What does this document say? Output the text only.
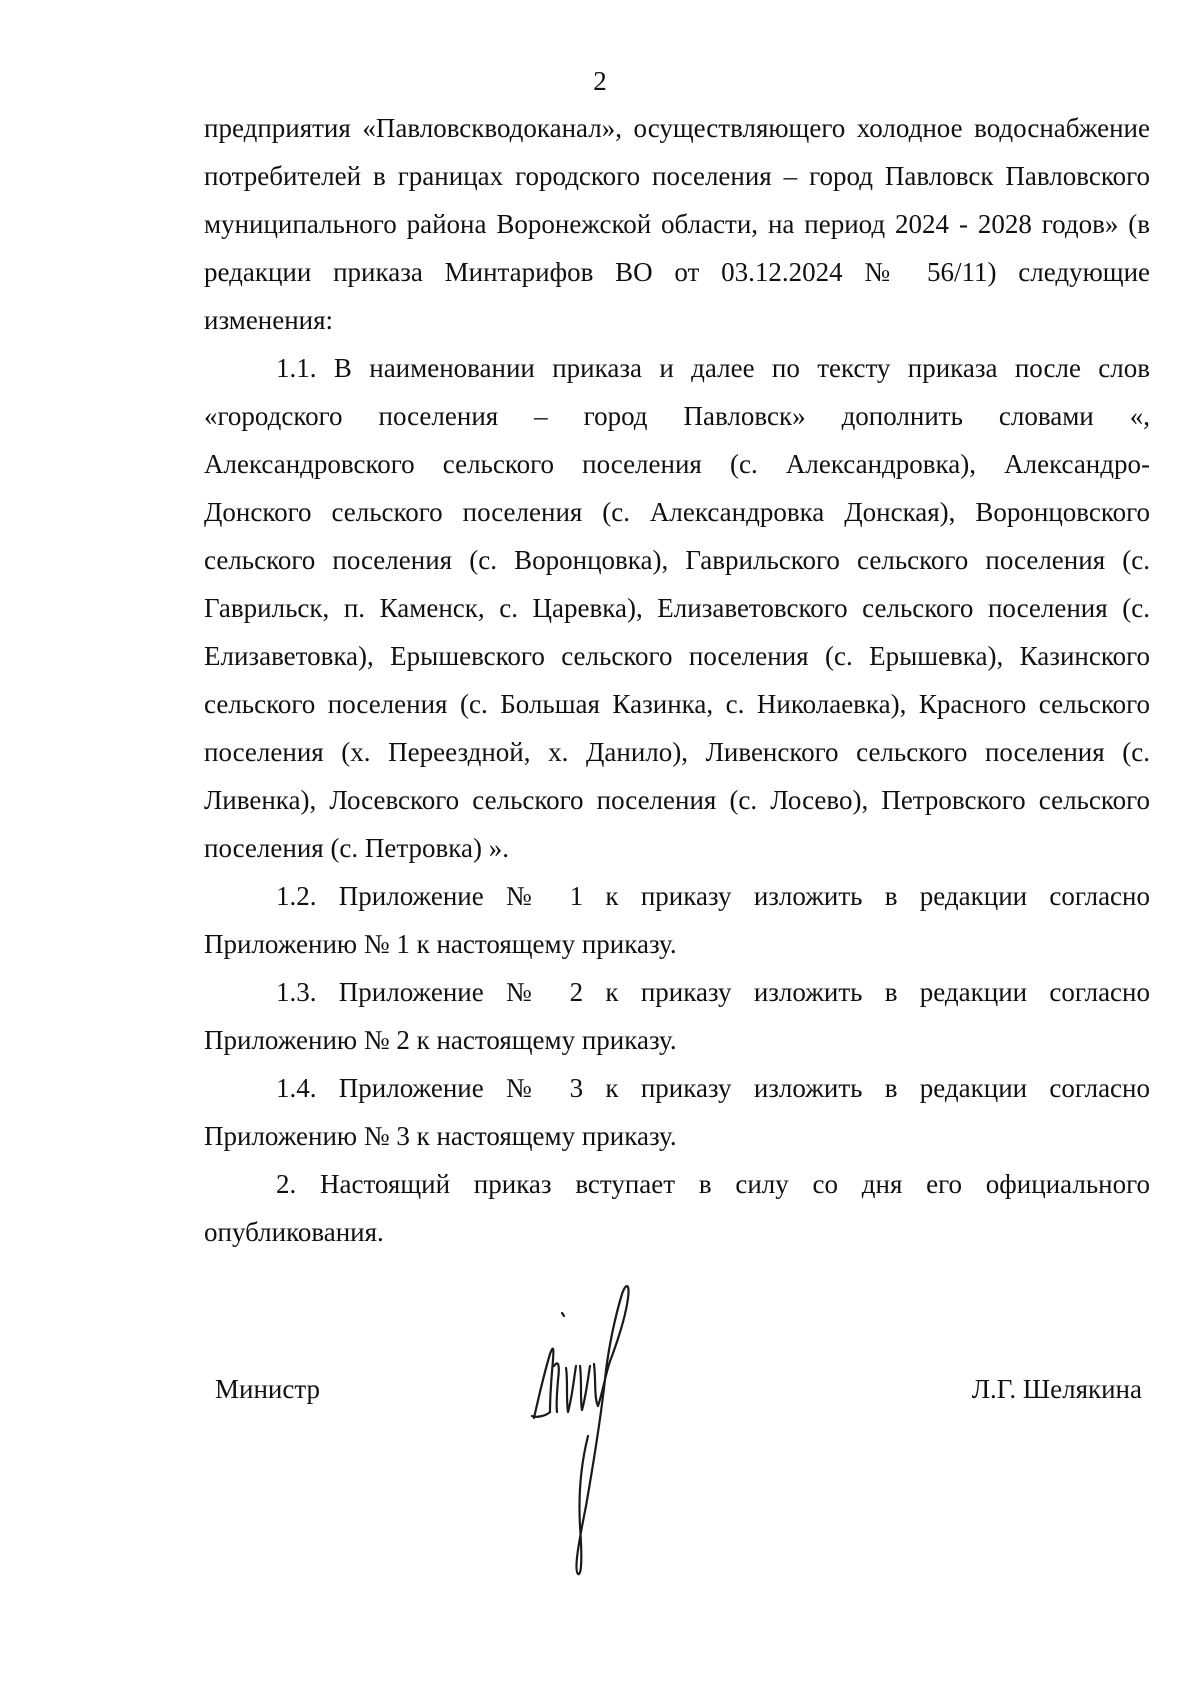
2

предприятия «Павловскводоканал», осуществляющего холодное водоснабжение потребителей в границах городского поселения – город Павловск Павловского муниципального района Воронежской области, на период 2024 - 2028 годов» (в редакции приказа Минтарифов ВО от 03.12.2024 № 56/11) следующие изменения:

1.1. В наименовании приказа и далее по тексту приказа после слов «городского поселения – город Павловск» дополнить словами «, Александровского сельского поселения (с. Александровка), Александро-Донского сельского поселения (с. Александровка Донская), Воронцовского сельского поселения (с. Воронцовка), Гаврильского сельского поселения (с. Гаврильск, п. Каменск, с. Царевка), Елизаветовского сельского поселения (с. Елизаветовка), Ерышевского сельского поселения (с. Ерышевка), Казинского сельского поселения (с. Большая Казинка, с. Николаевка), Красного сельского поселения (х. Переездной, х. Данило), Ливенского сельского поселения (с. Ливенка), Лосевского сельского поселения (с. Лосево), Петровского сельского поселения (с. Петровка) ».

1.2. Приложение № 1 к приказу изложить в редакции согласно Приложению № 1 к настоящему приказу.

1.3. Приложение № 2 к приказу изложить в редакции согласно Приложению № 2 к настоящему приказу.

1.4. Приложение № 3 к приказу изложить в редакции согласно Приложению № 3 к настоящему приказу.

2. Настоящий приказ вступает в силу со дня его официального опубликования.

Министр	Л.Г. Шелякина
